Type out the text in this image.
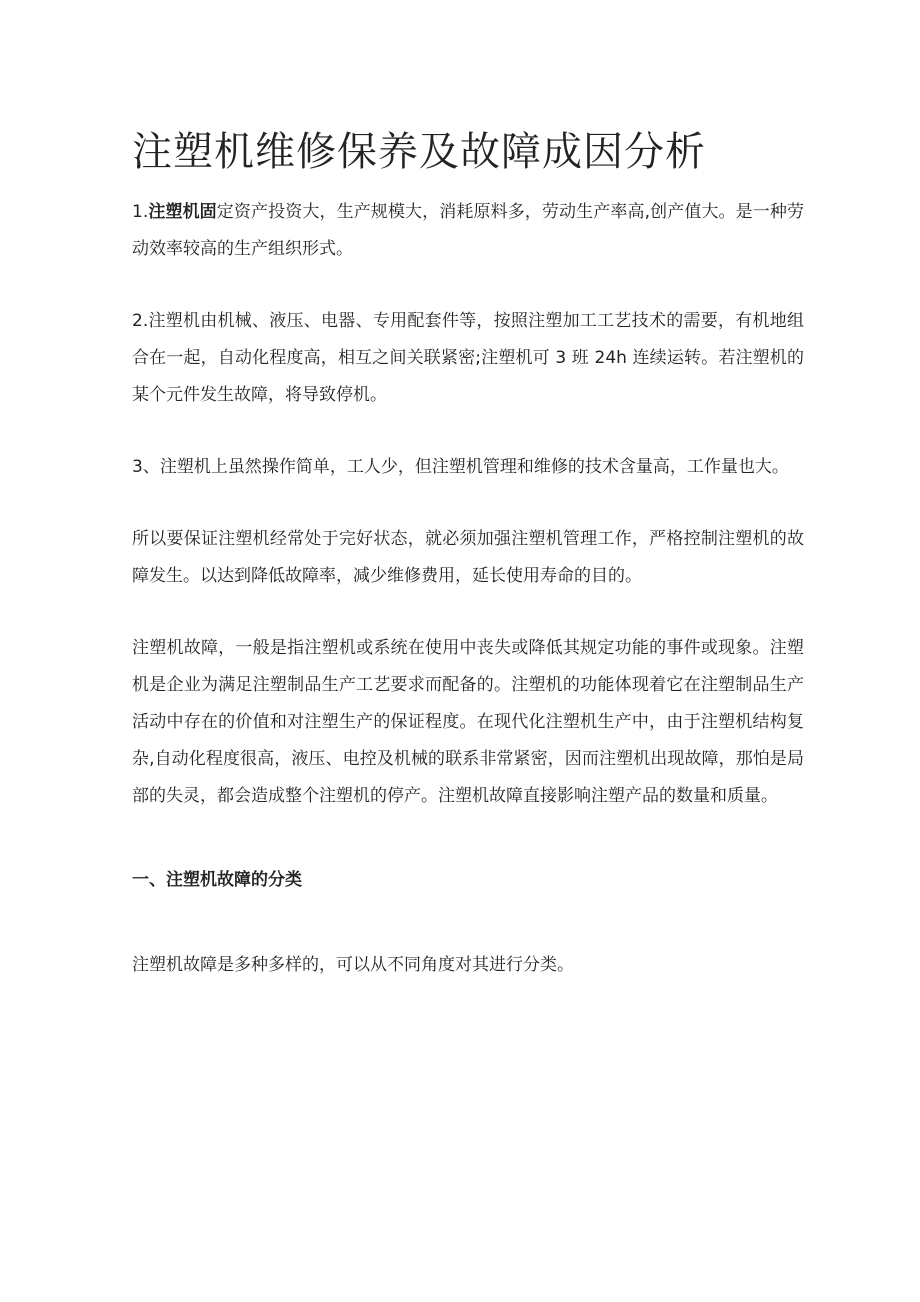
注塑机维修保养及故障成因分析

1.注塑机固定资产投资大，生产规模大，消耗原料多，劳动生产率高,创产值大。是一种劳动效率较高的生产组织形式。

2.注塑机由机械、液压、电器、专用配套件等，按照注塑加工工艺技术的需要，有机地组合在一起，自动化程度高，相互之间关联紧密;注塑机可 3 班 24h 连续运转。若注塑机的某个元件发生故障，将导致停机。

3、注塑机上虽然操作简单，工人少，但注塑机管理和维修的技术含量高，工作量也大。

所以要保证注塑机经常处于完好状态，就必须加强注塑机管理工作，严格控制注塑机的故障发生。以达到降低故障率，减少维修费用，延长使用寿命的目的。

注塑机故障，一般是指注塑机或系统在使用中丧失或降低其规定功能的事件或现象。注塑机是企业为满足注塑制品生产工艺要求而配备的。注塑机的功能体现着它在注塑制品生产活动中存在的价值和对注塑生产的保证程度。在现代化注塑机生产中，由于注塑机结构复杂,自动化程度很高，液压、电控及机械的联系非常紧密，因而注塑机出现故障，那怕是局部的失灵，都会造成整个注塑机的停产。注塑机故障直接影响注塑产品的数量和质量。

一、注塑机故障的分类

注塑机故障是多种多样的，可以从不同角度对其进行分类。
